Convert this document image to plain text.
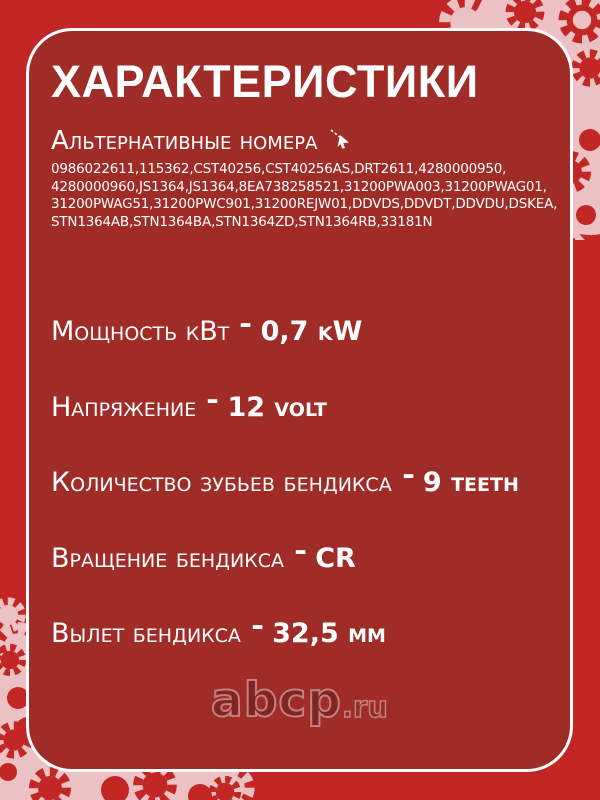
ХАРАКТЕРИСТИКИ
Альтернативные номера
0986022611,115362,CST40256,CST40256AS,DRT2611,4280000950,
4280000960,JS1364,JS1364,8EA738258521,31200PWA003,31200PWAG01,
31200PWAG51,31200PWC901,31200REJW01,DDVDS,DDVDT,DDVDU,DSKEA,
STN1364AB,STN1364BA,STN1364ZD,STN1364RB,33181N
Мощность кВт - 0,7 kW
Напряжение - 12 volt
Количество зубьев бендикса - 9 teeth
Вращение бендикса - CR
Вылет бендикса - 32,5 мм
abcp .ru
